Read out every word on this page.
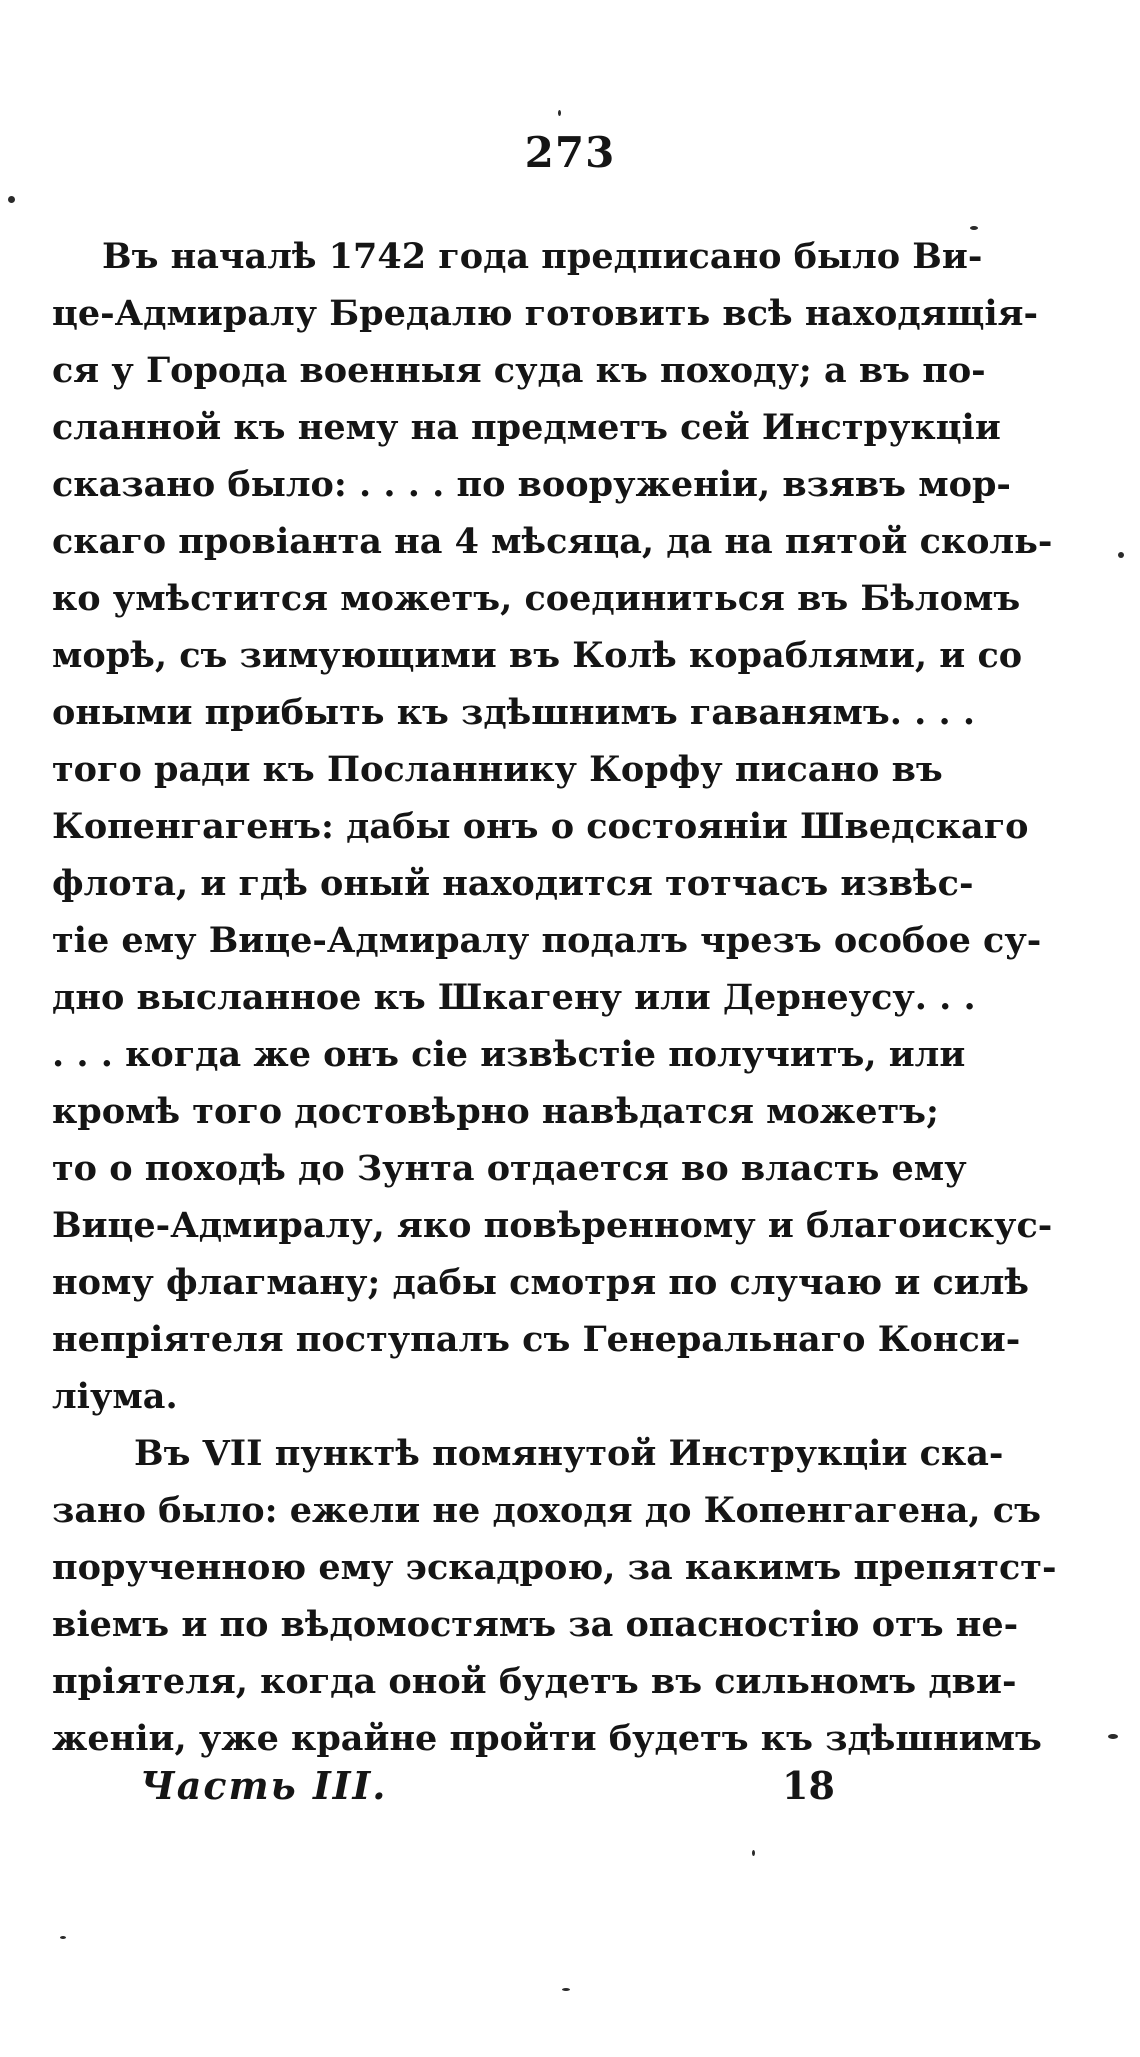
273
Въ началѣ 1742 года предписано было Ви-
це-Адмиралу Бредалю готовить всѣ находящiя-
ся у Города военныя суда къ походу; а въ по-
сланной къ нему на предметъ сей Инструкцiи
сказано было: . . . . по вооруженiи, взявъ мор-
скаго провiанта на 4 мѣсяца, да на пятой сколь-
ко умѣстится можетъ, соединиться въ Бѣломъ
морѣ, съ зимующими въ Колѣ кораблями, и со
оными прибыть къ здѣшнимъ гаванямъ. . . .
того ради къ Посланнику Корфу писано въ
Копенгагенъ: дабы онъ о состоянiи Шведскаго
флота, и гдѣ оный находится тотчасъ извѣс-
тiе ему Вице-Адмиралу подалъ чрезъ особое су-
дно высланное къ Шкагену или Дернеусу. . .
. . . когда же онъ сiе извѣстiе получитъ, или
кромѣ того достовѣрно навѣдатся можетъ;
то о походѣ до Зунта отдается во власть ему
Вице-Адмиралу, яко повѣренному и благоискус-
ному флагману; дабы смотря по случаю и силѣ
непрiятеля поступалъ съ Генеральнаго Конси-
лiума.
Въ VII пунктѣ помянутой Инструкцiи ска-
зано было: ежели не доходя до Копенгагена, съ
порученною ему эскадрою, за какимъ препятст-
вiемъ и по вѣдомостямъ за опасностiю отъ не-
прiятеля, когда оной будетъ въ сильномъ дви-
женiи, уже крайне пройти будетъ къ здѣшнимъ
Часть III.	18
